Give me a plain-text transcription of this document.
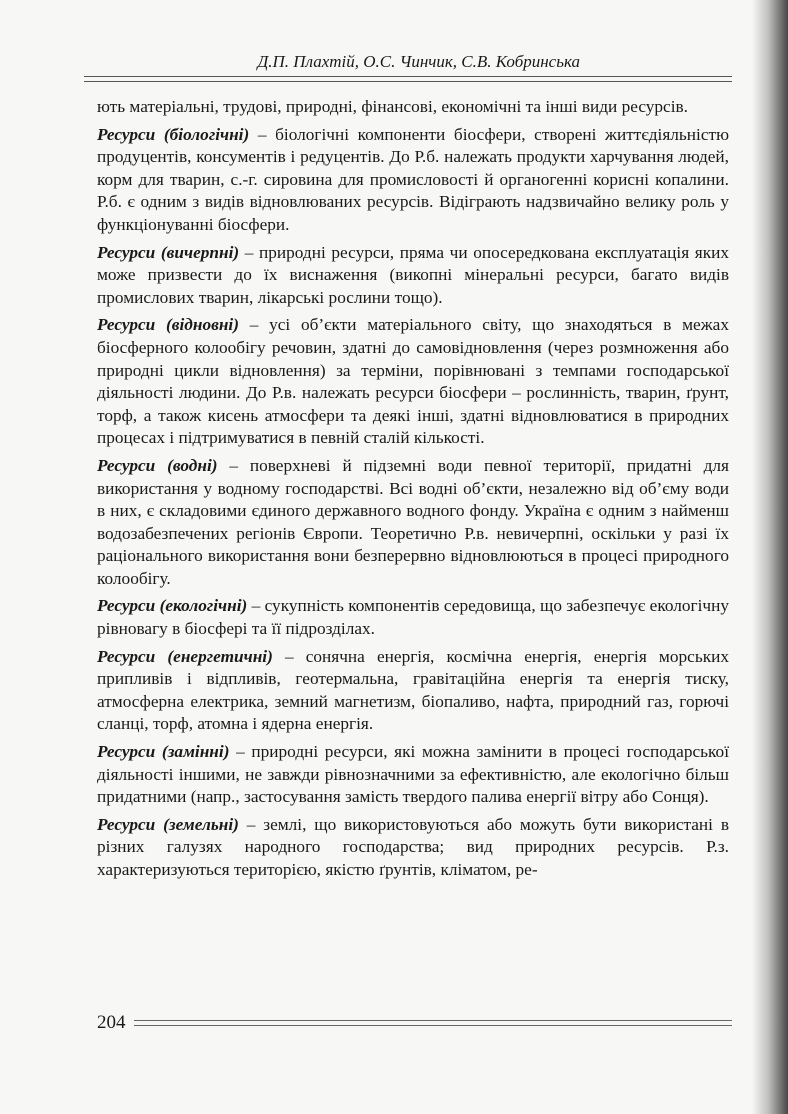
Д.П. Плахтій, О.С. Чинчик, С.В. Кобринська

ють матеріальні, трудові, природні, фінансові, економічні та інші види ресурсів.

Ресурси (біологічні) – біологічні компоненти біосфери, створені життєдіяльністю продуцентів, консументів і редуцентів. До Р.б. належать продукти харчування людей, корм для тварин, с.-г. сировина для промисловості й органогенні корисні копалини. Р.б. є одним з видів відновлюваних ресурсів. Відіграють надзвичайно велику роль у функціонуванні біосфери.

Ресурси (вичерпні) – природні ресурси, пряма чи опосередкована експлуатація яких може призвести до їх виснаження (викопні мінеральні ресурси, багато видів промислових тварин, лікарські рослини тощо).

Ресурси (відновні) – усі об’єкти матеріального світу, що знаходяться в межах біосферного колообігу речовин, здатні до самовідновлення (через розмноження або природні цикли відновлення) за терміни, порівнювані з темпами господарської діяльності людини. До Р.в. належать ресурси біосфери – рослинність, тварин, ґрунт, торф, а також кисень атмосфери та деякі інші, здатні відновлюватися в природних процесах і підтримуватися в певній сталій кількості.

Ресурси (водні) – поверхневі й підземні води певної території, придатні для використання у водному господарстві. Всі водні об’єкти, незалежно від об’єму води в них, є складовими єдиного державного водного фонду. Україна є одним з найменш водозабезпечених регіонів Європи. Теоретично Р.в. невичерпні, оскільки у разі їх раціонального використання вони безперервно відновлюються в процесі природного колообігу.

Ресурси (екологічні) – сукупність компонентів середовища, що забезпечує екологічну рівновагу в біосфері та її підрозділах.

Ресурси (енергетичні) – сонячна енергія, космічна енергія, енергія морських припливів і відпливів, геотермальна, гравітаційна енергія та енергія тиску, атмосферна електрика, земний магнетизм, біопаливо, нафта, природний газ, горючі сланці, торф, атомна і ядерна енергія.

Ресурси (замінні) – природні ресурси, які можна замінити в процесі господарської діяльності іншими, не завжди рівнозначними за ефективністю, але екологічно більш придатними (напр., застосування замість твердого палива енергії вітру або Сонця).

Ресурси (земельні) – землі, що використовуються або можуть бути використані в різних галузях народного господарства; вид природних ресурсів. Р.з. характеризуються територією, якістю ґрунтів, кліматом, ре-

204
